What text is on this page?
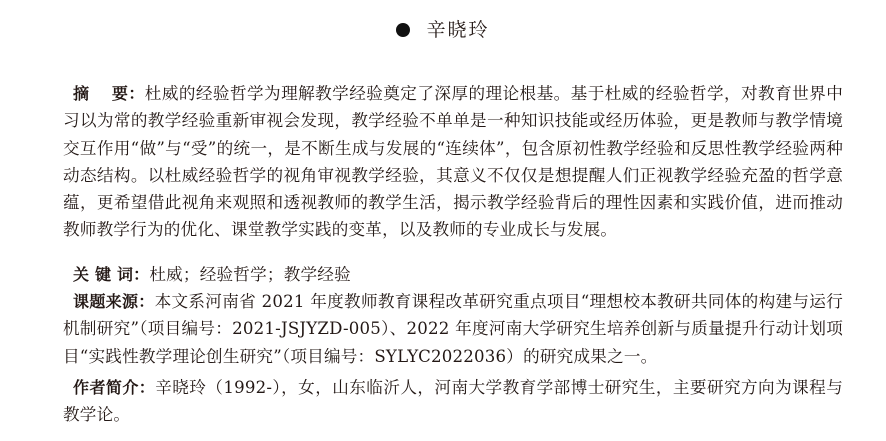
辛晓玲
摘　 要：杜威的经验哲学为理解教学经验奠定了深厚的理论根基。基于杜威的经验哲学，对教育世界中习以为常的教学经验重新审视会发现，教学经验不单单是一种知识技能或经历体验，更是教师与教学情境交互作用“做”与“受”的统一，是不断生成与发展的“连续体”，包含原初性教学经验和反思性教学经验两种动态结构。以杜威经验哲学的视角审视教学经验，其意义不仅仅是想提醒人们正视教学经验充盈的哲学意蕴，更希望借此视角来观照和透视教师的教学生活，揭示教学经验背后的理性因素和实践价值，进而推动教师教学行为的优化、课堂教学实践的变革，以及教师的专业成长与发展。
关 键 词：杜威；经验哲学；教学经验
课题来源：本文系河南省 2021 年度教师教育课程改革研究重点项目“理想校本教研共同体的构建与运行机制研究”（项目编号：2021-JSJYZD-005）、2022 年度河南大学研究生培养创新与质量提升行动计划项目“实践性教学理论创生研究”（项目编号：SYLYC2022036）的研究成果之一。
作者简介：辛晓玲（1992-），女，山东临沂人，河南大学教育学部博士研究生，主要研究方向为课程与教学论。
